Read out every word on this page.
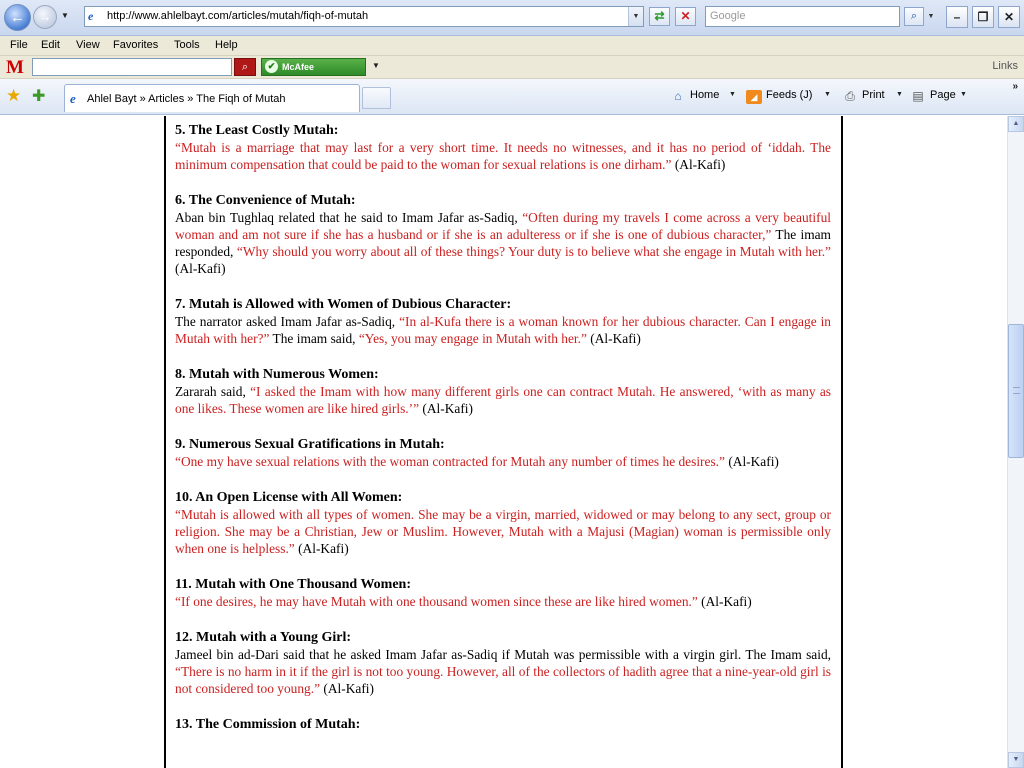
←	→	▼ e	http://www.ahlelbayt.com/articles/mutah/fiqh-of-mutah	▼	⇄	✕	Google	⌕	▼	–	❐	✕
File Edit View Favorites Tools Help
M	⌕	✔ McAfee	▼	Links
★ ✚ e Ahlel Bayt » Articles » The Fiqh of Mutah	⌂ Home ▼	◢ Feeds (J) ▼ ⎙ Print ▼ ▤ Page ▼
»
5. The Least Costly Mutah:
“Mutah is a marriage that may last for a very short time. It needs no witnesses, and it has no period of ‘iddah. The minimum compensation that could be paid to the woman for sexual relations is one dirham.” (Al-Kafi)
6. The Convenience of Mutah:
Aban bin Tughlaq related that he said to Imam Jafar as-Sadiq, “Often during my travels I come across a very beautiful woman and am not sure if she has a husband or if she is an adulteress or if she is one of dubious character,” The imam responded, “Why should you worry about all of these things? Your duty is to believe what she engage in Mutah with her.” (Al-Kafi)
7. Mutah is Allowed with Women of Dubious Character:
The narrator asked Imam Jafar as-Sadiq, “In al-Kufa there is a woman known for her dubious character. Can I engage in Mutah with her?” The imam said, “Yes, you may engage in Mutah with her.” (Al-Kafi)
8. Mutah with Numerous Women:
Zararah said, “I asked the Imam with how many different girls one can contract Mutah. He answered, ‘with as many as one likes. These women are like hired girls.’” (Al-Kafi)
9. Numerous Sexual Gratifications in Mutah:
“One my have sexual relations with the woman contracted for Mutah any number of times he desires.” (Al-Kafi)
10. An Open License with All Women:
“Mutah is allowed with all types of women. She may be a virgin, married, widowed or may belong to any sect, group or religion. She may be a Christian, Jew or Muslim. However, Mutah with a Majusi (Magian) woman is permissible only when one is helpless.” (Al-Kafi)
11. Mutah with One Thousand Women:
“If one desires, he may have Mutah with one thousand women since these are like hired women.” (Al-Kafi)
12. Mutah with a Young Girl:
Jameel bin ad-Dari said that he asked Imam Jafar as-Sadiq if Mutah was permissible with a virgin girl. The Imam said, “There is no harm in it if the girl is not too young. However, all of the collectors of hadith agree that a nine-year-old girl is not considered too young.” (Al-Kafi)
13. The Commission of Mutah:
▲
▼
